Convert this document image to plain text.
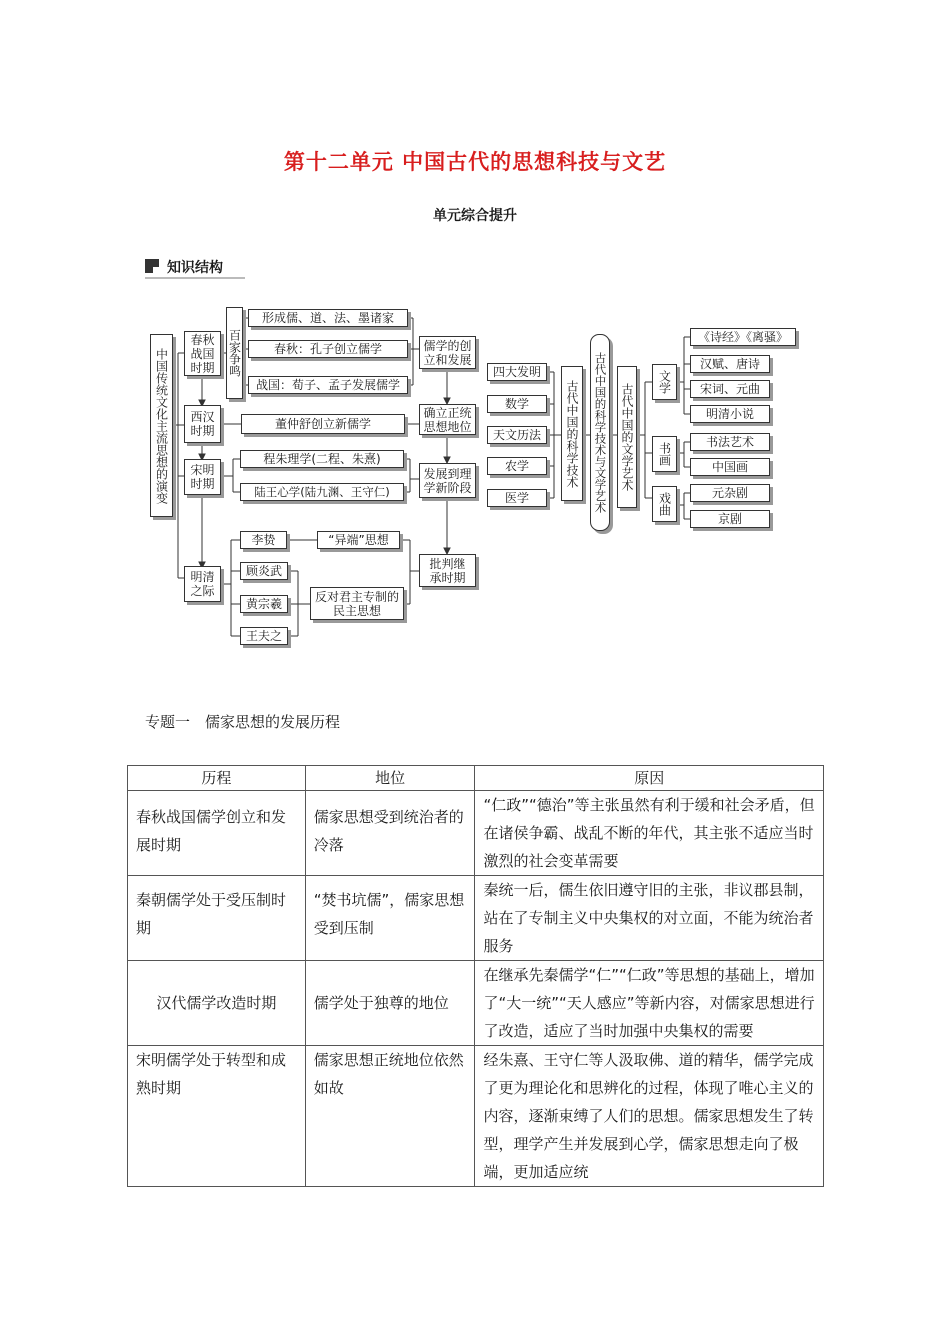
第十二单元 中国古代的思想科技与文艺
单元综合提升
知识结构
中国传统文化主流思想的演变
春秋战国时期
西汉时期
宋明时期
明清之际
百家争鸣
形成儒、道、法、墨诸家
春秋：孔子创立儒学
战国：荀子、孟子发展儒学
董仲舒创立新儒学
程朱理学(二程、朱熹)
陆王心学(陆九渊、王守仁)
李贽
顾炎武
黄宗羲
王夫之
“异端”思想
反对君主专制的民主思想
儒学的创立和发展
确立正统思想地位
发展到理学新阶段
批判继承时期
四大发明
数学
天文历法
农学
医学
古代中国的科学技术 古代中国的科学技术与文学艺术 古代中国的文学艺术
文学
书画
戏曲
《诗经》《离骚》
汉赋、唐诗
宋词、元曲
明清小说
书法艺术
中国画
元杂剧
京剧
专题一　儒家思想的发展历程
历程	地位	原因
春秋战国儒学创立和发展时期	儒家思想受到统治者的冷落	“仁政”“德治”等主张虽然有利于缓和社会矛盾，但在诸侯争霸、战乱不断的年代，其主张不适应当时激烈的社会变革需要
秦朝儒学处于受压制时期	“焚书坑儒”，儒家思想受到压制	秦统一后，儒生依旧遵守旧的主张，非议郡县制，站在了专制主义中央集权的对立面，不能为统治者服务
汉代儒学改造时期	儒学处于独尊的地位	在继承先秦儒学“仁”“仁政”等思想的基础上，增加了“大一统”“天人感应”等新内容，对儒家思想进行了改造，适应了当时加强中央集权的需要
宋明儒学处于转型和成熟时期	儒家思想正统地位依然如故	经朱熹、王守仁等人汲取佛、道的精华，儒学完成了更为理论化和思辨化的过程，体现了唯心主义的内容，逐渐束缚了人们的思想。儒家思想发生了转型，理学产生并发展到心学，儒家思想走向了极端，更加适应统
